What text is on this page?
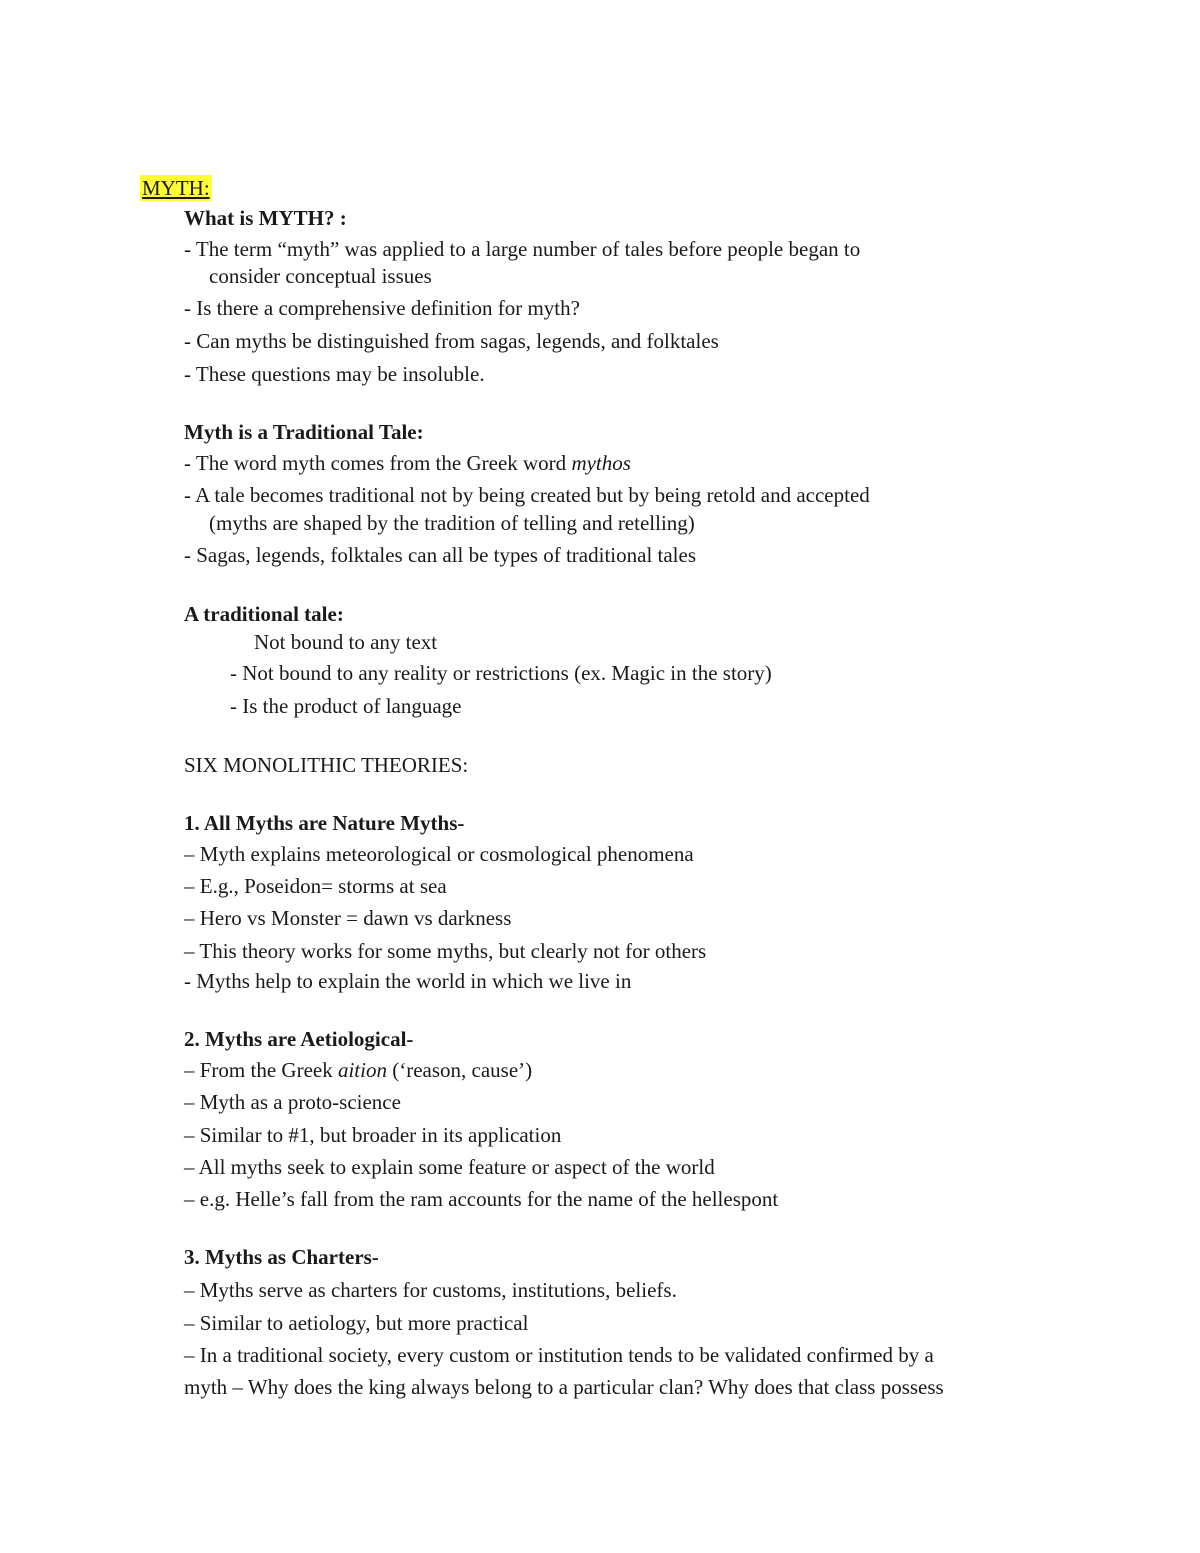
MYTH:

What is MYTH? :

- The term “myth” was applied to a large number of tales before people began to

consider conceptual issues

- Is there a comprehensive definition for myth?

- Can myths be distinguished from sagas, legends, and folktales

- These questions may be insoluble.

Myth is a Traditional Tale:

- The word myth comes from the Greek word mythos

- A tale becomes traditional not by being created but by being retold and accepted

(myths are shaped by the tradition of telling and retelling)

- Sagas, legends, folktales can all be types of traditional tales

A traditional tale:

Not bound to any text

- Not bound to any reality or restrictions (ex. Magic in the story)

- Is the product of language

SIX MONOLITHIC THEORIES:

1. All Myths are Nature Myths-

– Myth explains meteorological or cosmological phenomena

– E.g., Poseidon= storms at sea

– Hero vs Monster = dawn vs darkness

– This theory works for some myths, but clearly not for others

- Myths help to explain the world in which we live in

2. Myths are Aetiological-

– From the Greek aition (‘reason, cause’)

– Myth as a proto-science

– Similar to #1, but broader in its application

– All myths seek to explain some feature or aspect of the world

– e.g. Helle’s fall from the ram accounts for the name of the hellespont

3. Myths as Charters-

– Myths serve as charters for customs, institutions, beliefs.

– Similar to aetiology, but more practical

– In a traditional society, every custom or institution tends to be validated confirmed by a

myth – Why does the king always belong to a particular clan? Why does that class possess
